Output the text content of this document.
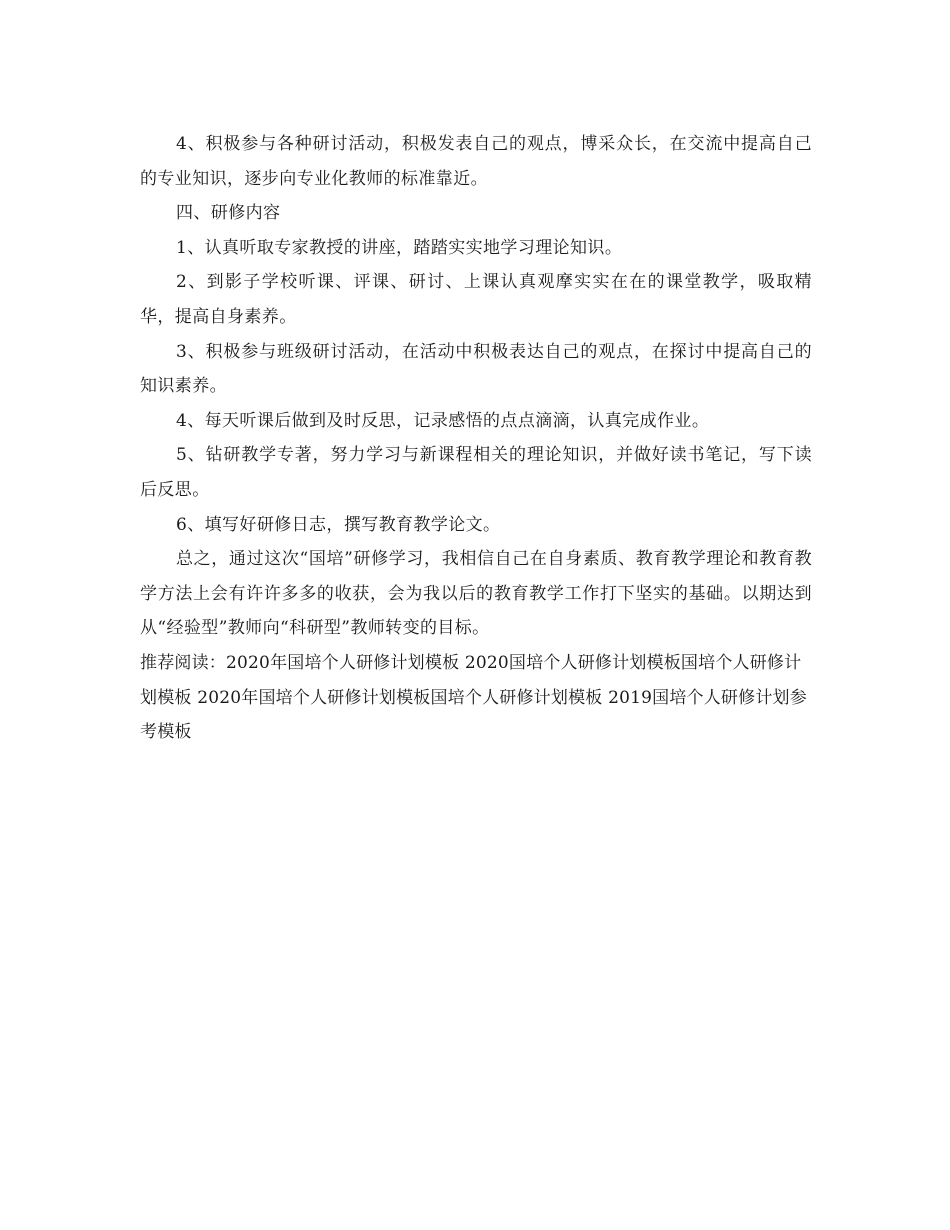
4、积极参与各种研讨活动，积极发表自己的观点，博采众长，在交流中提高自己的专业知识，逐步向专业化教师的标准靠近。

四、研修内容

1、认真听取专家教授的讲座，踏踏实实地学习理论知识。

2、到影子学校听课、评课、研讨、上课认真观摩实实在在的课堂教学，吸取精华，提高自身素养。

3、积极参与班级研讨活动，在活动中积极表达自己的观点，在探讨中提高自己的知识素养。

4、每天听课后做到及时反思，记录感悟的点点滴滴，认真完成作业。

5、钻研教学专著，努力学习与新课程相关的理论知识，并做好读书笔记，写下读后反思。

6、填写好研修日志，撰写教育教学论文。

总之，通过这次“国培”研修学习，我相信自己在自身素质、教育教学理论和教育教学方法上会有许许多多的收获，会为我以后的教育教学工作打下坚实的基础。以期达到从“经验型”教师向“科研型”教师转变的目标。

推荐阅读：2020年国培个人研修计划模板 2020国培个人研修计划模板国培个人研修计划模板 2020年国培个人研修计划模板国培个人研修计划模板 2019国培个人研修计划参考模板
